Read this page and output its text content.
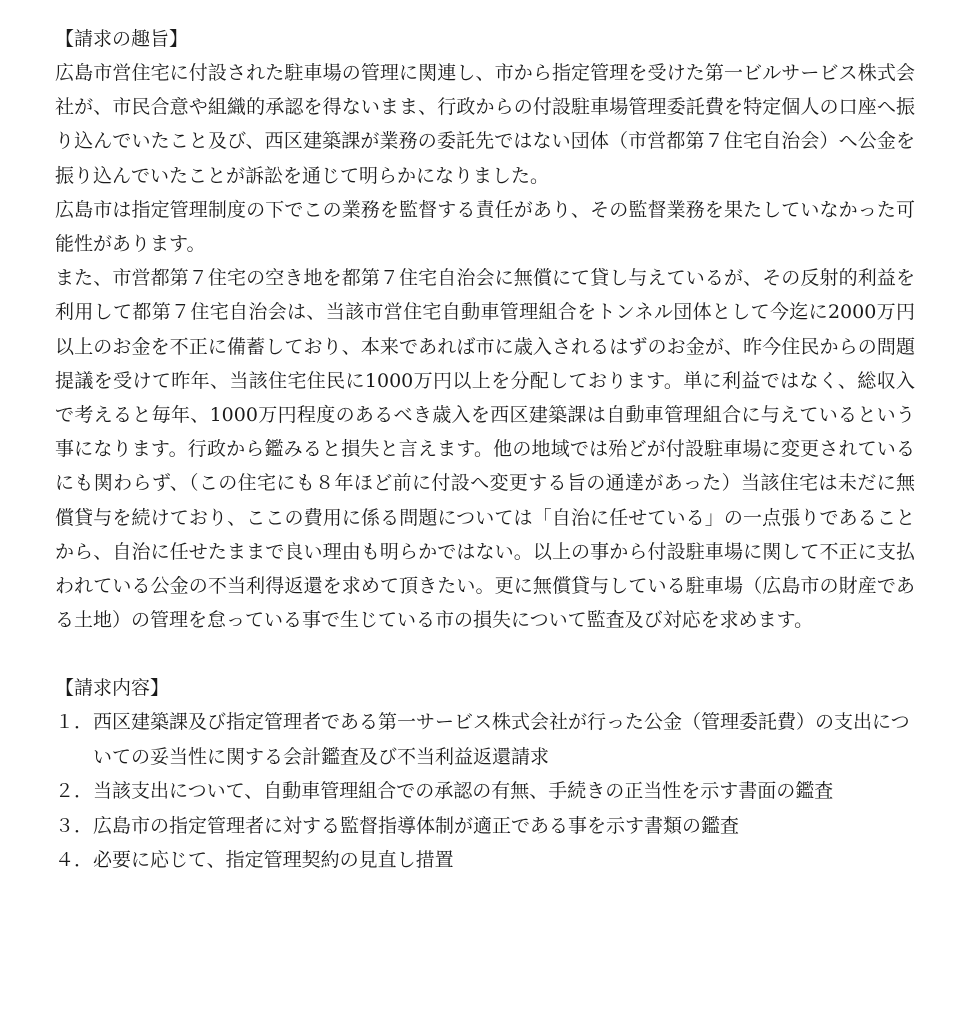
【請求の趣旨】

広島市営住宅に付設された駐車場の管理に関連し、市から指定管理を受けた第一ビルサービス株式会社が、市民合意や組織的承認を得ないまま、行政からの付設駐車場管理委託費を特定個人の口座へ振り込んでいたこと及び、西区建築課が業務の委託先ではない団体（市営都第７住宅自治会）へ公金を振り込んでいたことが訴訟を通じて明らかになりました。

広島市は指定管理制度の下でこの業務を監督する責任があり、その監督業務を果たしていなかった可能性があります。

また、市営都第７住宅の空き地を都第７住宅自治会に無償にて貸し与えているが、その反射的利益を利用して都第７住宅自治会は、当該市営住宅自動車管理組合をトンネル団体として今迄に2000万円以上のお金を不正に備蓄しており、本来であれば市に歳入されるはずのお金が、昨今住民からの問題提議を受けて昨年、当該住宅住民に1000万円以上を分配しております。単に利益ではなく、総収入で考えると毎年、1000万円程度のあるべき歳入を西区建築課は自動車管理組合に与えているという事になります。行政から鑑みると損失と言えます。他の地域では殆どが付設駐車場に変更されているにも関わらず、（この住宅にも８年ほど前に付設へ変更する旨の通達があった）当該住宅は未だに無償貸与を続けており、ここの費用に係る問題については「自治に任せている」の一点張りであることから、自治に任せたままで良い理由も明らかではない。以上の事から付設駐車場に関して不正に支払われている公金の不当利得返還を求めて頂きたい。更に無償貸与している駐車場（広島市の財産である土地）の管理を怠っている事で生じている市の損失について監査及び対応を求めます。

【請求内容】
１． 西区建築課及び指定管理者である第一サービス株式会社が行った公金（管理委託費）の支出についての妥当性に関する会計鑑査及び不当利益返還請求
２． 当該支出について、自動車管理組合での承認の有無、手続きの正当性を示す書面の鑑査
３． 広島市の指定管理者に対する監督指導体制が適正である事を示す書類の鑑査
４． 必要に応じて、指定管理契約の見直し措置
